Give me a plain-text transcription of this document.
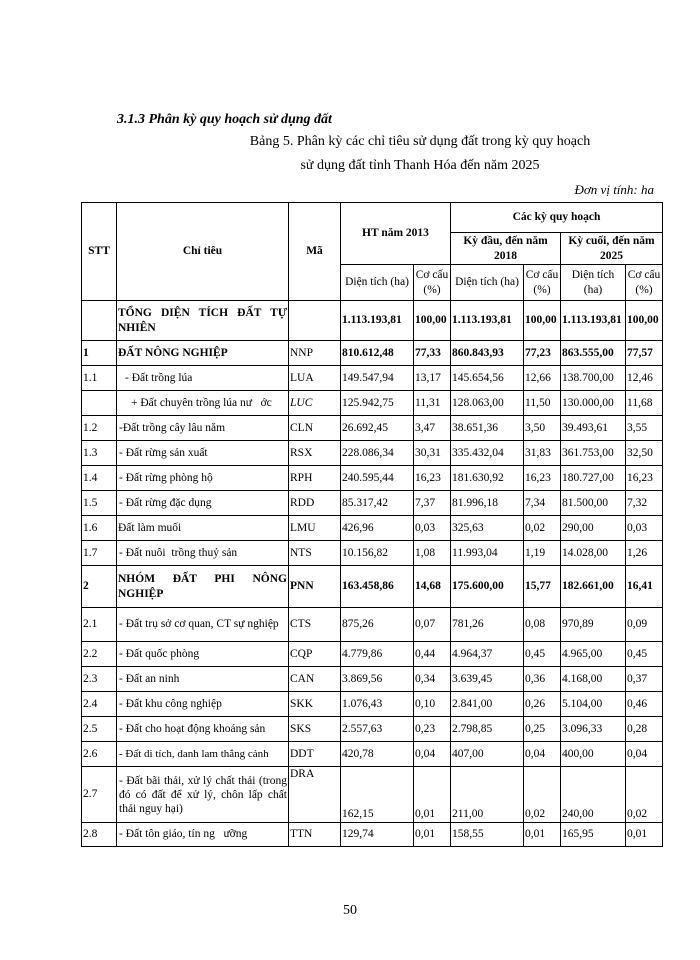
3.1.3 Phân kỳ quy hoạch sử dụng đất
Bảng 5. Phân kỳ các chỉ tiêu sử dụng đất trong kỳ quy hoạch
sử dụng đất tỉnh Thanh Hóa đến năm 2025
Đơn vị tính: ha
STT	Chỉ tiêu	Mã	HT năm 2013		Các kỳ quy hoạch			
					Kỳ đầu, đến năm 2018		Kỳ cuối, đến năm 2025	
			Diện tích (ha)	Cơ cấu (%)	Diện tích (ha)	Cơ cấu (%)	Diện tích (ha)	Cơ cấu (%)
	TỔNG DIỆN TÍCH ĐẤT TỰ NHIÊN		1.113.193,81	100,00	1.113.193,81	100,00	1.113.193,81	100,00
1	ĐẤT NÔNG NGHIỆP	NNP	810.612,48	77,33	860.843,93	77,23	863.555,00	77,57
1.1	- Đất trồng lúa	LUA	149.547,94	13,17	145.654,56	12,66	138.700,00	12,46
	+ Đất chuyên trồng lúa nư   ớc	LUC	125.942,75	11,31	128.063,00	11,50	130.000,00	11,68
1.2	-Đất trồng cây lâu năm	CLN	26.692,45	3,47	38.651,36	3,50	39.493,61	3,55
1.3	- Đất rừng sản xuất	RSX	228.086,34	30,31	335.432,04	31,83	361.753,00	32,50
1.4	- Đất rừng phòng hộ	RPH	240.595,44	16,23	181.630,92	16,23	180.727,00	16,23
1.5	- Đất rừng đặc dụng	RDD	85.317,42	7,37	81.996,18	7,34	81.500,00	7,32
1.6	Đất làm muối	LMU	426,96	0,03	325,63	0,02	290,00	0,03
1.7	- Đất nuôi  trồng thuỷ sản	NTS	10.156,82	1,08	11.993,04	1,19	14.028,00	1,26
2	NHÓM ĐẤT PHI NÔNG NGHIỆP	PNN	163.458,86	14,68	175.600,00	15,77	182.661,00	16,41
2.1	- Đất trụ sở cơ quan, CT sự nghiệp	CTS	875,26	0,07	781,26	0,08	970,89	0,09
2.2	- Đất quốc phòng	CQP	4.779,86	0,44	4.964,37	0,45	4.965,00	0,45
2.3	- Đất an ninh	CAN	3.869,56	0,34	3.639,45	0,36	4.168,00	0,37
2.4	- Đất khu công nghiệp	SKK	1.076,43	0,10	2.841,00	0,26	5.104,00	0,46
2.5	- Đất cho hoạt động khoáng sản	SKS	2.557,63	0,23	2.798,85	0,25	3.096,33	0,28
2.6	- Đất di tích, danh lam thắng cảnh	DDT	420,78	0,04	407,00	0,04	400,00	0,04
2.7	- Đất bãi thải, xử lý chất thải (trong đó có đất để xử lý, chôn lấp chất thải nguy hại)	DRA	162,15	0,01	211,00	0,02	240,00	0,02
2.8	- Đất tôn giáo, tín ng   ưỡng	TTN	129,74	0,01	158,55	0,01	165,95	0,01
50
